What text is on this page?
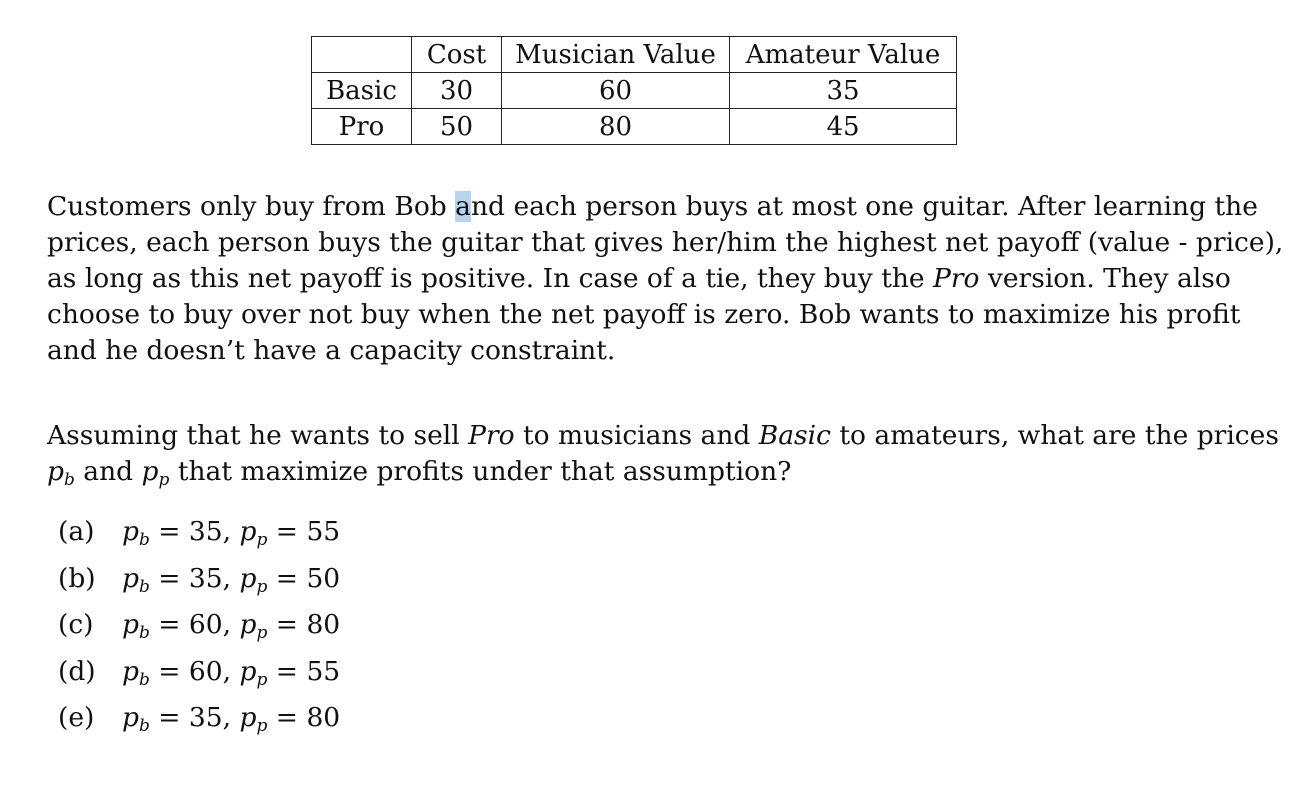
	Cost	Musician Value	Amateur Value
Basic	30	60	35
Pro	50	80	45
Customers only buy from Bob and each person buys at most one guitar. After learning the
prices, each person buys the guitar that gives her/him the highest net payoff (value - price),
as long as this net payoff is positive. In case of a tie, they buy the Pro version. They also
choose to buy over not buy when the net payoff is zero. Bob wants to maximize his profit
and he doesn’t have a capacity constraint.
Assuming that he wants to sell Pro to musicians and Basic to amateurs, what are the prices
$p_b$ and $p_p$ that maximize profits under that assumption?
(a) $p_b = 35$, $p_p = 55$
(b) $p_b = 35$, $p_p = 50$
(c) $p_b = 60$, $p_p = 80$
(d) $p_b = 60$, $p_p = 55$
(e) $p_b = 35$, $p_p = 80$
